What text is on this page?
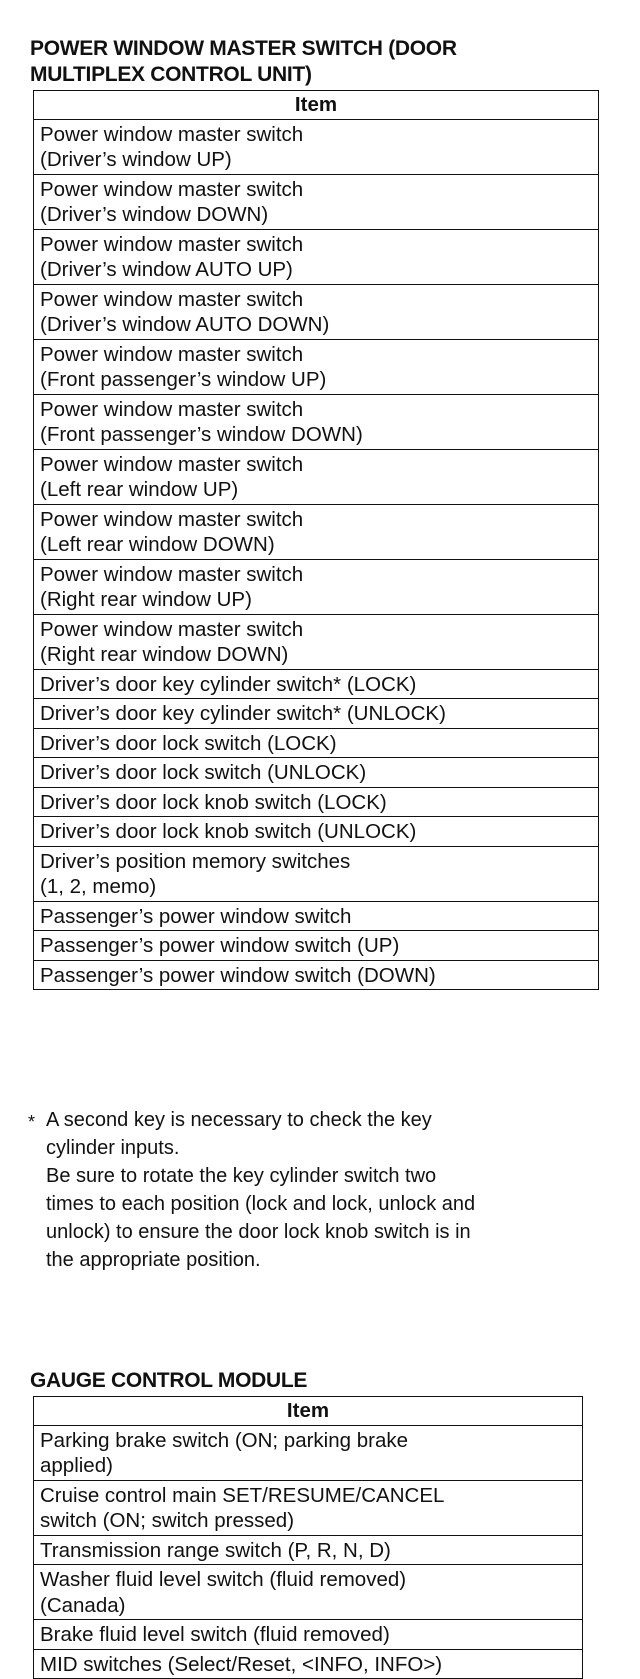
POWER WINDOW MASTER SWITCH (DOOR
MULTIPLEX CONTROL UNIT)
Item

Power window master switch
(Driver’s window UP)

Power window master switch
(Driver’s window DOWN)

Power window master switch
(Driver’s window AUTO UP)

Power window master switch
(Driver’s window AUTO DOWN)

Power window master switch
(Front passenger’s window UP)

Power window master switch
(Front passenger’s window DOWN)

Power window master switch
(Left rear window UP)

Power window master switch
(Left rear window DOWN)

Power window master switch
(Right rear window UP)

Power window master switch
(Right rear window DOWN)

Driver’s door key cylinder switch* (LOCK)

Driver’s door key cylinder switch* (UNLOCK)

Driver’s door lock switch (LOCK)

Driver’s door lock switch (UNLOCK)

Driver’s door lock knob switch (LOCK)

Driver’s door lock knob switch (UNLOCK)

Driver’s position memory switches
(1, 2, memo)

Passenger’s power window switch

Passenger’s power window switch (UP)

Passenger’s power window switch (DOWN)
* A second key is necessary to check the key
cylinder inputs.
Be sure to rotate the key cylinder switch two
times to each position (lock and lock, unlock and
unlock) to ensure the door lock knob switch is in
the appropriate position.
GAUGE CONTROL MODULE
Item

Parking brake switch (ON; parking brake
applied)

Cruise control main SET/RESUME/CANCEL
switch (ON; switch pressed)

Transmission range switch (P, R, N, D)

Washer fluid level switch (fluid removed)
(Canada)

Brake fluid level switch (fluid removed)

MID switches (Select/Reset, <INFO, INFO>)
